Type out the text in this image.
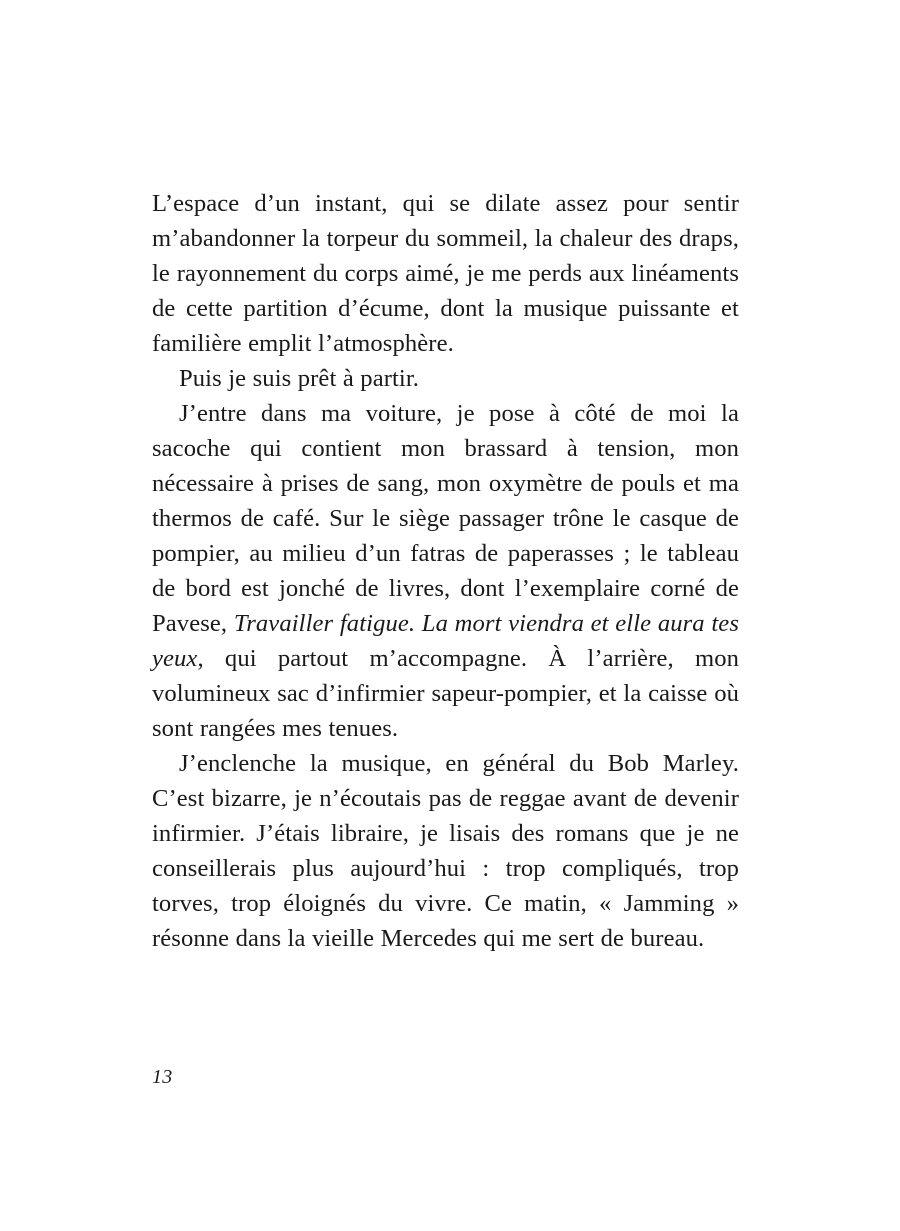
L’espace d’un instant, qui se dilate assez pour sentir m’abandonner la torpeur du sommeil, la chaleur des draps, le rayonnement du corps aimé, je me perds aux linéaments de cette partition d’écume, dont la musique puissante et familière emplit l’atmosphère.

Puis je suis prêt à partir.

J’entre dans ma voiture, je pose à côté de moi la sacoche qui contient mon brassard à tension, mon nécessaire à prises de sang, mon oxymètre de pouls et ma thermos de café. Sur le siège passager trône le casque de pompier, au milieu d’un fatras de paperasses ; le tableau de bord est jonché de livres, dont l’exemplaire corné de Pavese, Travailler fatigue. La mort viendra et elle aura tes yeux, qui partout m’accompagne. À l’arrière, mon volumineux sac d’infirmier sapeur-pompier, et la caisse où sont rangées mes tenues.

J’enclenche la musique, en général du Bob Marley. C’est bizarre, je n’écoutais pas de reggae avant de devenir infirmier. J’étais libraire, je lisais des romans que je ne conseillerais plus aujourd’hui : trop compliqués, trop torves, trop éloignés du vivre. Ce matin, « Jamming » résonne dans la vieille Mercedes qui me sert de bureau.

13
